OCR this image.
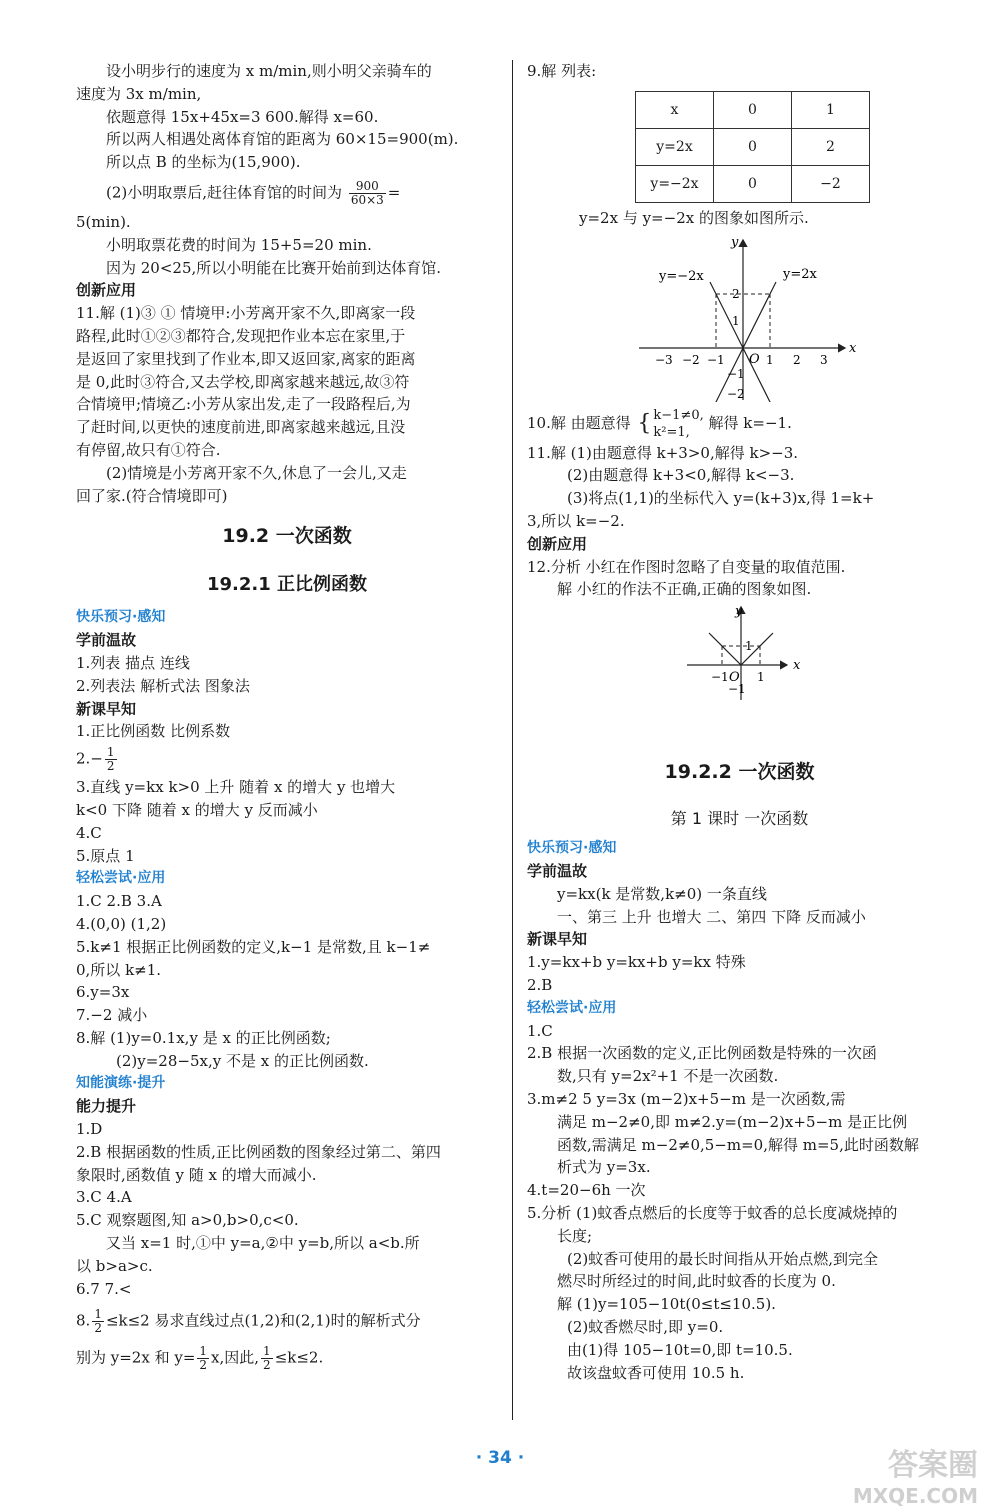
设小明步行的速度为 x m/min,则小明父亲骑车的
速度为 3x m/min,
依题意得 15x+45x=3 600.解得 x=60.
所以两人相遇处离体育馆的距离为 60×15=900(m).
所以点 B 的坐标为(15,900).
(2)小明取票后,赶往体育馆的时间为 $\frac{900}{60\times 3}$ =
5(min).
小明取票花费的时间为 15+5=20 min.
因为 20<25,所以小明能在比赛开始前到达体育馆.
创新应用
11.解 (1)③ ① 情境甲:小芳离开家不久,即离家一段
路程,此时①②③都符合,发现把作业本忘在家里,于
是返回了家里找到了作业本,即又返回家,离家的距离
是 0,此时③符合,又去学校,即离家越来越远,故③符
合情境甲;情境乙:小芳从家出发,走了一段路程后,为
了赶时间,以更快的速度前进,即离家越来越远,且没
有停留,故只有①符合.
(2)情境是小芳离开家不久,休息了一会儿,又走
回了家.(符合情境即可)
19.2 一次函数
19.2.1 正比例函数
快乐预习·感知
学前温故
1.列表 描点 连线
2.列表法 解析式法 图象法
新课早知
1.正比例函数 比例系数
$2.- \frac{1}{2}$
3.直线 y=kx k>0 上升 随着 x 的增大 y 也增大
k<0 下降 随着 x 的增大 y 反而减小
4.C
5.原点 1
轻松尝试·应用
1.C 2.B 3.A
4.(0,0) (1,2)
5.k≠1 根据正比例函数的定义,k−1 是常数,且 k−1≠
0,所以 k≠1.
6.y=3x
7.−2 减小
8.解 (1)y=0.1x,y 是 x 的正比例函数;
(2)y=28−5x,y 不是 x 的正比例函数.
知能演练·提升
能力提升
1.D
2.B 根据函数的性质,正比例函数的图象经过第二、第四
象限时,函数值 y 随 x 的增大而减小.
3.C 4.A
5.C 观察题图,知 a>0,b>0,c<0.
又当 x=1 时,①中 y=a,②中 y=b,所以 a<b.所
以 b>a>c.
6.7 7.<
8. $\frac{1}{2} \le k\le 2$ 易求直线过点(1,2)和(2,1)时的解析式分
别为 y=2x 和 $y= \frac{1}{2} x$,因此, $\frac{1}{2} \le k\le 2$.
9.解 列表:
x	0	1
y=2x	0	2
y=−2x	0	−2
y=2x 与 y=−2x 的图象如图所示.
y=−2x	y=2x
x
y
O
−3 −2 −1	1 2 3
2
1
−1
−2
10.解 由题意得 { k−1≠0,
k²=1,
解得 k=−1.
11.解 (1)由题意得 k+3>0,解得 k>−3.
(2)由题意得 k+3<0,解得 k<−3.
(3)将点(1,1)的坐标代入 y=(k+3)x,得 1=k+
3,所以 k=−2.
创新应用
12.分析 小红在作图时忽略了自变量的取值范围.
解 小红的作法不正确,正确的图象如图.
y
x
O
−1 1
1
−1
19.2.2 一次函数
第 1 课时 一次函数
快乐预习·感知
学前温故
y=kx(k 是常数,k≠0) 一条直线
一、第三 上升 也增大 二、第四 下降 反而减小
新课早知
1.y=kx+b y=kx+b y=kx 特殊
2.B
轻松尝试·应用
1.C
2.B 根据一次函数的定义,正比例函数是特殊的一次函
数,只有 y=2x²+1 不是一次函数.
3.m≠2 5 y=3x (m−2)x+5−m 是一次函数,需
满足 m−2≠0,即 m≠2.y=(m−2)x+5−m 是正比例
函数,需满足 m−2≠0,5−m=0,解得 m=5,此时函数解
析式为 y=3x.
4.t=20−6h 一次
5.分析 (1)蚊香点燃后的长度等于蚊香的总长度减烧掉的
长度;
(2)蚊香可使用的最长时间指从开始点燃,到完全
燃尽时所经过的时间,此时蚊香的长度为 0.
解 (1)y=105−10t(0≤t≤10.5).
(2)蚊香燃尽时,即 y=0.
由(1)得 105−10t=0,即 t=10.5.
故该盘蚊香可使用 10.5 h.
· 34 ·	答案圈
MXQE.COM
